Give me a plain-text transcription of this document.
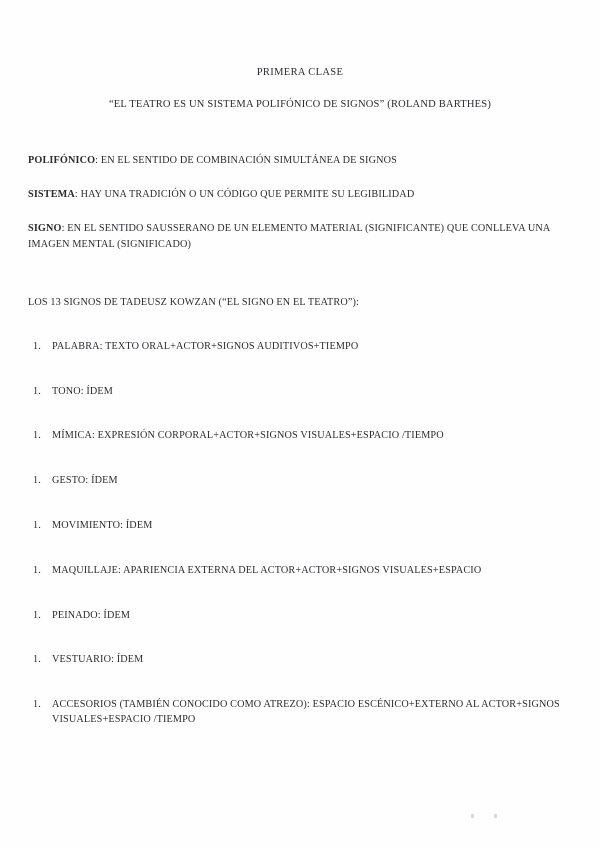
PRIMERA CLASE
“EL TEATRO ES UN SISTEMA POLIFÓNICO DE SIGNOS” (ROLAND BARTHES)

POLIFÓNICO: EN EL SENTIDO DE COMBINACIÓN SIMULTÁNEA DE SIGNOS

SISTEMA: HAY UNA TRADICIÓN O UN CÓDIGO QUE PERMITE SU LEGIBILIDAD

SIGNO: EN EL SENTIDO SAUSSERANO DE UN ELEMENTO MATERIAL (SIGNIFICANTE) QUE CONLLEVA UNA IMAGEN MENTAL (SIGNIFICADO)

LOS 13 SIGNOS DE TADEUSZ KOWZAN (“EL SIGNO EN EL TEATRO”):

1.	PALABRA: TEXTO ORAL+ACTOR+SIGNOS AUDITIVOS+TIEMPO
1.	TONO: ÍDEM
1.	MÍMICA: EXPRESIÓN CORPORAL+ACTOR+SIGNOS VISUALES+ESPACIO /TIEMPO
1.	GESTO: ÍDEM
1.	MOVIMIENTO: ÍDEM
1.	MAQUILLAJE: APARIENCIA EXTERNA DEL ACTOR+ACTOR+SIGNOS VISUALES+ESPACIO
1.	PEINADO: ÍDEM
1.	VESTUARIO: ÍDEM
1.	ACCESORIOS (TAMBIÉN CONOCIDO COMO ATREZO): ESPACIO ESCÉNICO+EXTERNO AL ACTOR+SIGNOS VISUALES+ESPACIO /TIEMPO
